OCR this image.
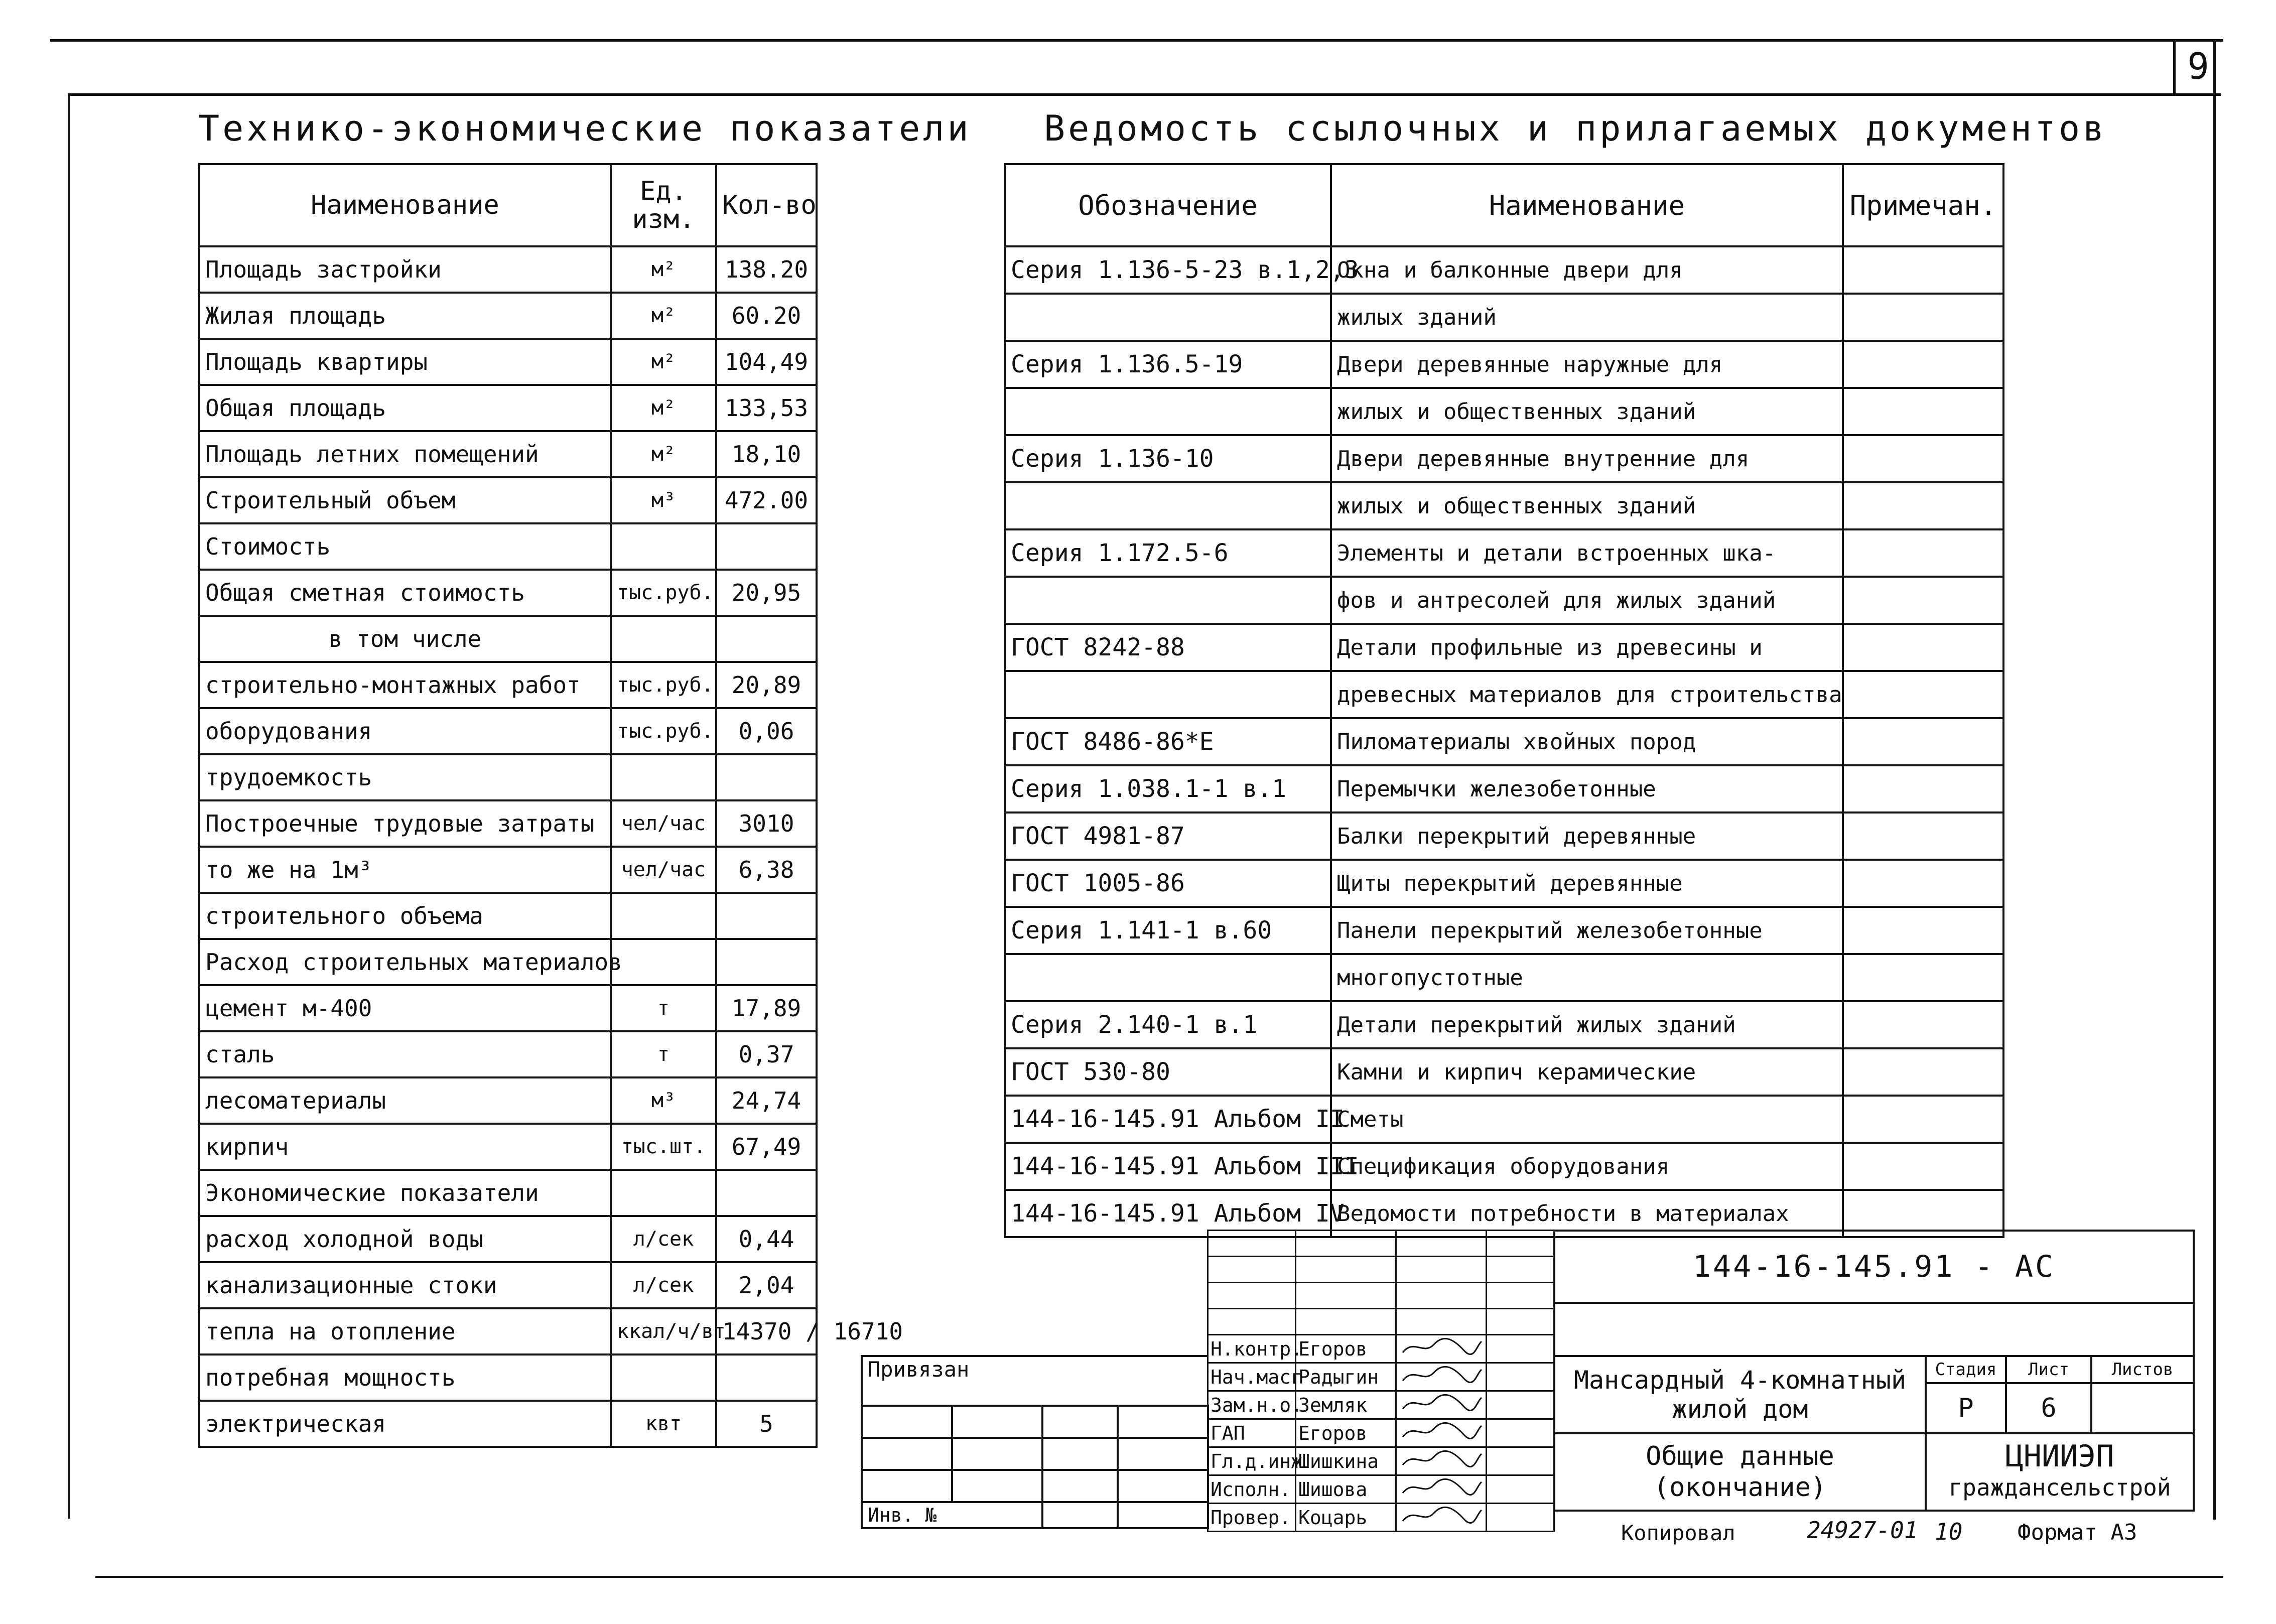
9
Технико-экономические показатели
Наименование	Ед. изм.	Кол-во
Площадь застройки	м²	138.20
Жилая площадь	м²	60.20
Площадь квартиры	м²	104,49
Общая площадь	м²	133,53
Площадь летних помещений	м²	18,10
Строительный объем	м³	472.00
Стоимость		
Общая сметная стоимость	тыс.руб.	20,95
в том числе		
строительно-монтажных работ	тыс.руб.	20,89
оборудования	тыс.руб.	0,06
трудоемкость		
Построечные трудовые затраты	чел/час	3010
то же на 1м³	чел/час	6,38
строительного объема		
Расход строительных материалов		
цемент м-400	т	17,89
сталь	т	0,37
лесоматериалы	м³	24,74
кирпич	тыс.шт.	67,49
Экономические показатели		
расход холодной воды	л/сек	0,44
канализационные стоки	л/сек	2,04
тепла на отопление	ккал/ч/вт	14370 / 16710
потребная мощность		
электрическая	квт	5
Ведомость ссылочных и прилагаемых документов
Обозначение	Наименование	Примечан.
Серия 1.136-5-23 в.1,2,3	Окна и балконные двери для	
	жилых зданий	
Серия 1.136.5-19	Двери деревянные наружные для	
	жилых и общественных зданий	
Серия 1.136-10	Двери деревянные внутренние для	
	жилых и общественных зданий	
Серия 1.172.5-6	Элементы и детали встроенных шка-	
	фов и антресолей для жилых зданий	
ГОСТ 8242-88	Детали профильные из древесины и	
	древесных материалов для строительства	
ГОСТ 8486-86*Е	Пиломатериалы хвойных пород	
Серия 1.038.1-1 в.1	Перемычки железобетонные	
ГОСТ 4981-87	Балки перекрытий деревянные	
ГОСТ 1005-86	Щиты перекрытий деревянные	
Серия 1.141-1 в.60	Панели перекрытий железобетонные	
	многопустотные	
Серия 2.140-1 в.1	Детали перекрытий жилых зданий	
ГОСТ 530-80	Камни и кирпич керамические	
144-16-145.91 Альбом II	Сметы	
144-16-145.91 Альбом III	Спецификация оборудования	
144-16-145.91 Альбом IV	Ведомости потребности в материалах	
Привязан			

Инв. №			

Н.контр.	Егоров		
Нач.масг	Радыгин		
Зам.н.о.	Земляк		
ГАП	Егоров		
Гл.д.инж	Шишкина		
Исполн.	Шишова		
Провер.	Коцарь		
144-16-145.91 - АС
Мансардный 4-комнатный жилой дом	Стадия	Лист	Листов
	Р	6	
Общие данные (окончание)	ЦНИИЭП
граждансельстрой		
Копировал	24927-01 10 Формат А3
